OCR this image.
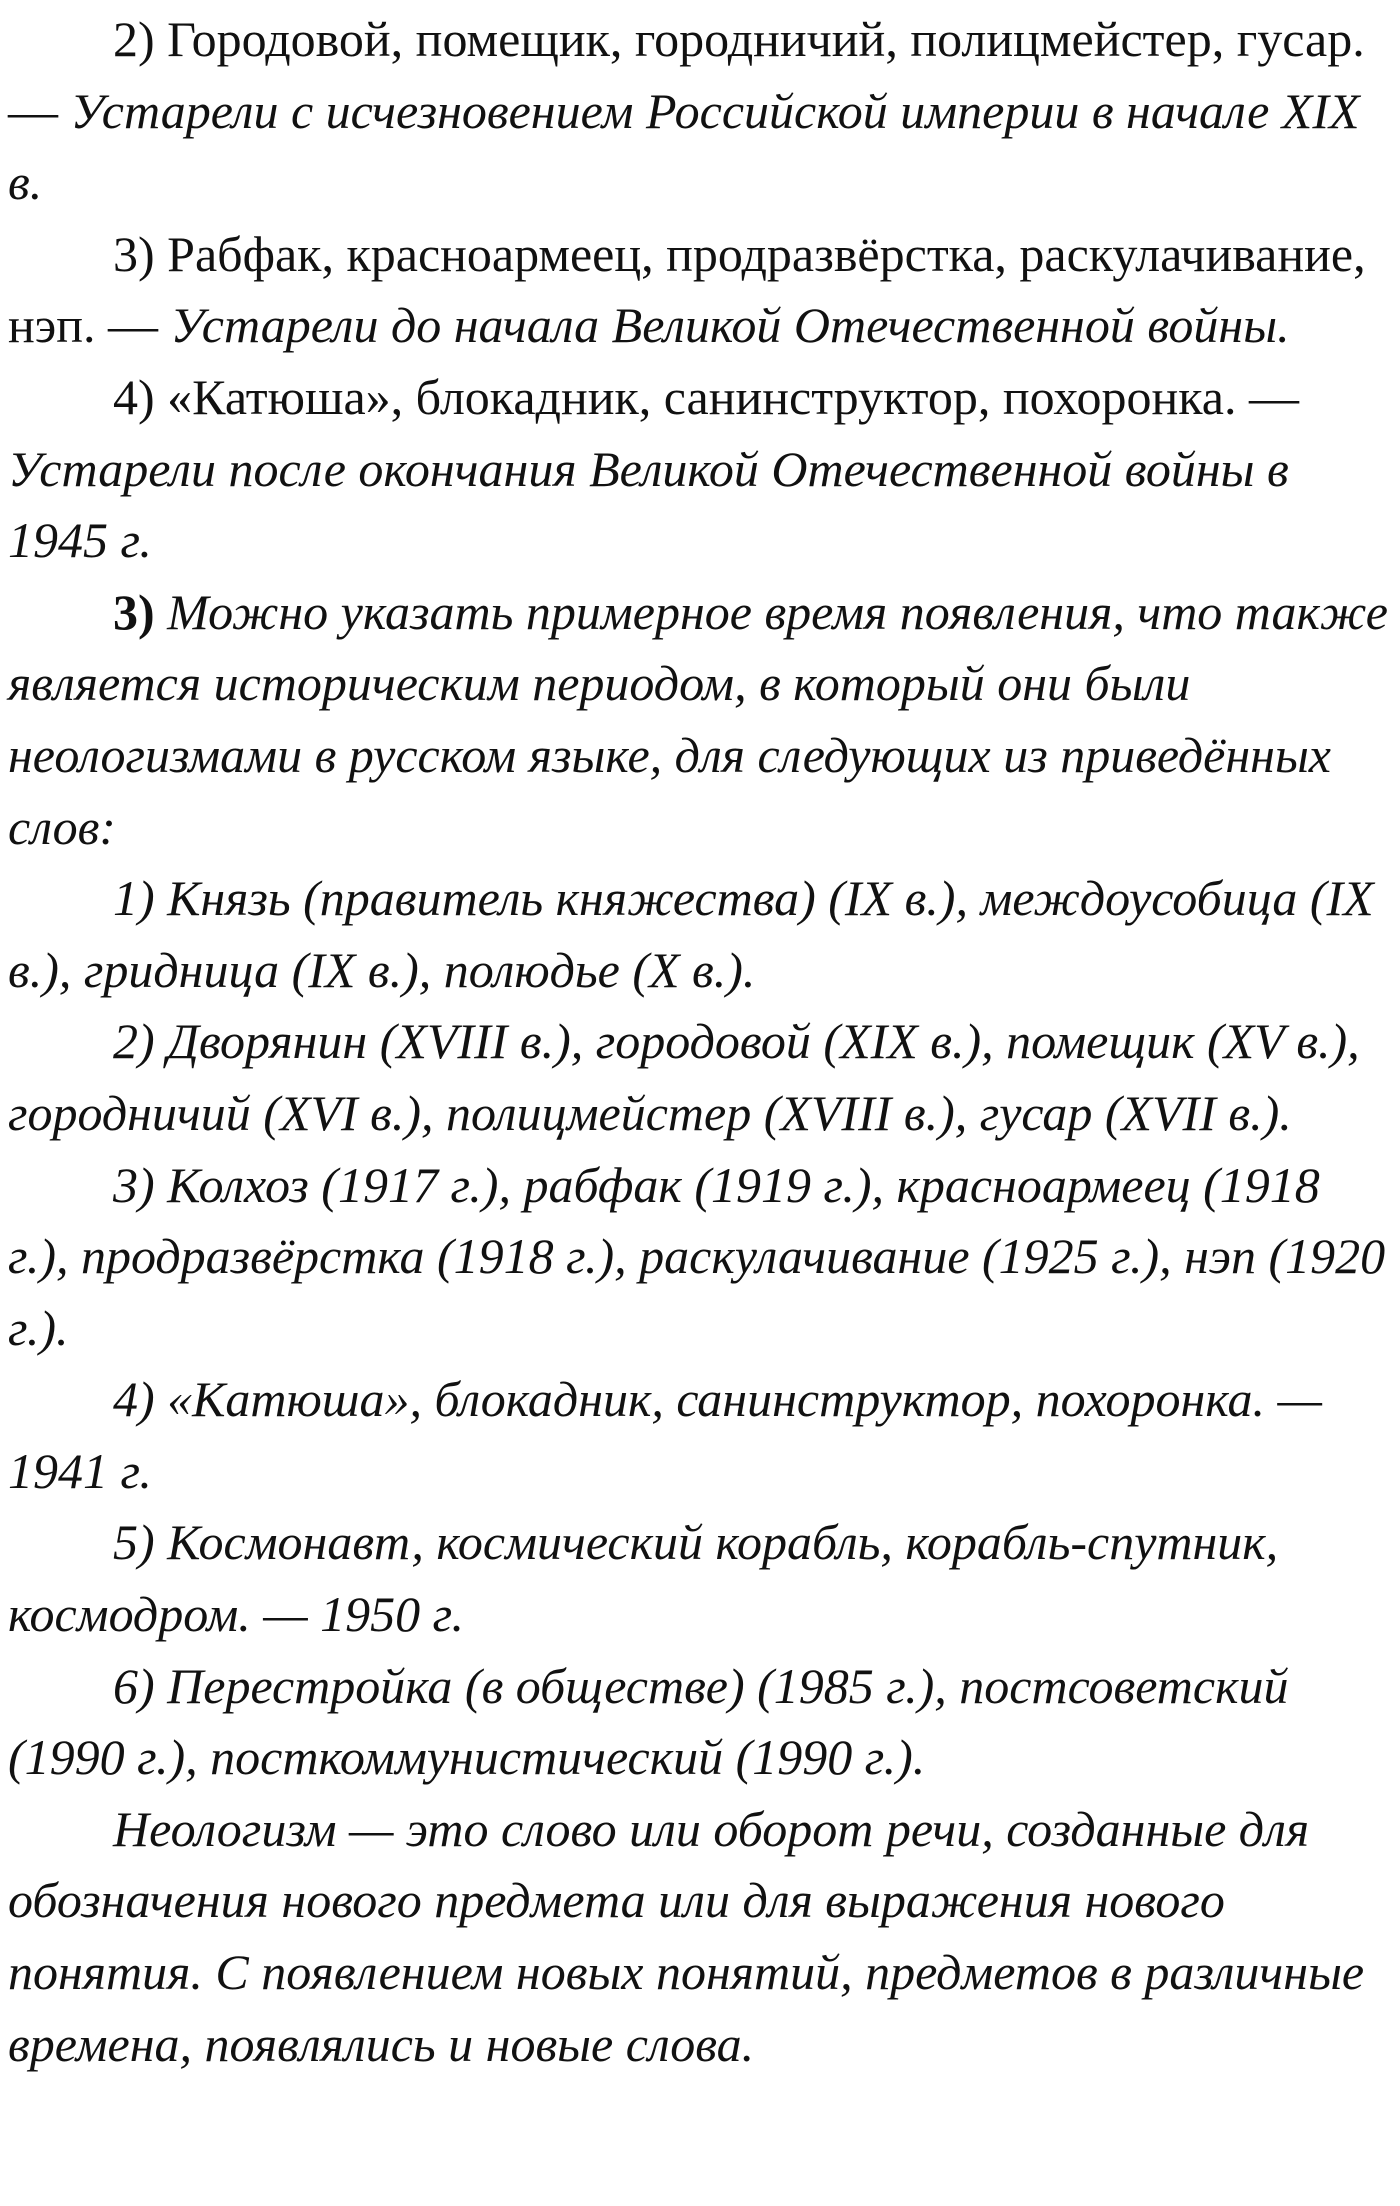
2) Городовой, помещик, городничий, полицмейстер, гусар. — Устарели с исчезновением Российской империи в начале XIX в.

3) Рабфак, красноармеец, продразвёрстка, раскулачивание, нэп. — Устарели до начала Великой Отечественной войны.

4) «Катюша», блокадник, санинструктор, похоронка. — Устарели после окончания Великой Отечественной войны в 1945 г.

3) Можно указать примерное время появления, что также является историческим периодом, в который они были неологизмами в русском языке, для следующих из приведённых слов:

1) Князь (правитель княжества) (IX в.), междоусобица (IX в.), гридница (IX в.), полюдье (X в.).

2) Дворянин (XVIII в.), городовой (XIX в.), помещик (XV в.), городничий (XVI в.), полицмейстер (XVIII в.), гусар (XVII в.).

3) Колхоз (1917 г.), рабфак (1919 г.), красноармеец (1918 г.), продразвёрстка (1918 г.), раскулачивание (1925 г.), нэп (1920 г.).

4) «Катюша», блокадник, санинструктор, похоронка. —1941 г.

5) Космонавт, космический корабль, корабль-спутник, космодром. — 1950 г.

6) Перестройка (в обществе) (1985 г.), постсоветский (1990 г.), посткоммунистический (1990 г.).

Неологизм — это слово или оборот речи, созданные для обозначения нового предмета или для выражения нового понятия. С появлением новых понятий, предметов в различные времена, появлялись и новые слова.
